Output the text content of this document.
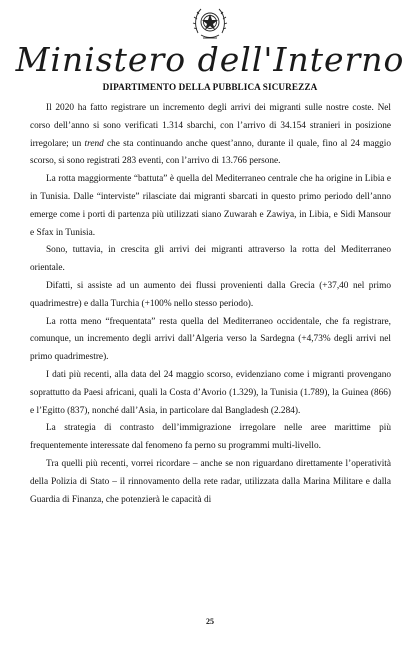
Ministero dell'Interno
DIPARTIMENTO DELLA PUBBLICA SICUREZZA

Il 2020 ha fatto registrare un incremento degli arrivi dei migranti sulle nostre coste. Nel corso dell’anno si sono verificati 1.314 sbarchi, con l’arrivo di 34.154 stranieri in posizione irregolare; un trend che sta continuando anche quest’anno, durante il quale, fino al 24 maggio scorso, si sono registrati 283 eventi, con l’arrivo di 13.766 persone.

La rotta maggiormente “battuta” è quella del Mediterraneo centrale che ha origine in Libia e in Tunisia. Dalle “interviste” rilasciate dai migranti sbarcati in questo primo periodo dell’anno emerge come i porti di partenza più utilizzati siano Zuwarah e Zawiya, in Libia, e Sidi Mansour e Sfax in Tunisia.

Sono, tuttavia, in crescita gli arrivi dei migranti attraverso la rotta del Mediterraneo orientale.

Difatti, si assiste ad un aumento dei flussi provenienti dalla Grecia (+37,40 nel primo quadrimestre) e dalla Turchia (+100% nello stesso periodo).

La rotta meno “frequentata” resta quella del Mediterraneo occidentale, che fa registrare, comunque, un incremento degli arrivi dall’Algeria verso la Sardegna (+4,73% degli arrivi nel primo quadrimestre).

I dati più recenti, alla data del 24 maggio scorso, evidenziano come i migranti provengano soprattutto da Paesi africani, quali la Costa d’Avorio (1.329), la Tunisia (1.789), la Guinea (866) e l’Egitto (837), nonché dall’Asia, in particolare dal Bangladesh (2.284).

La strategia di contrasto dell’immigrazione irregolare nelle aree marittime più frequentemente interessate dal fenomeno fa perno su programmi multi-livello.

Tra quelli più recenti, vorrei ricordare – anche se non riguardano direttamente l’operatività della Polizia di Stato – il rinnovamento della rete radar, utilizzata dalla Marina Militare e dalla Guardia di Finanza, che potenzierà le capacità di

25
